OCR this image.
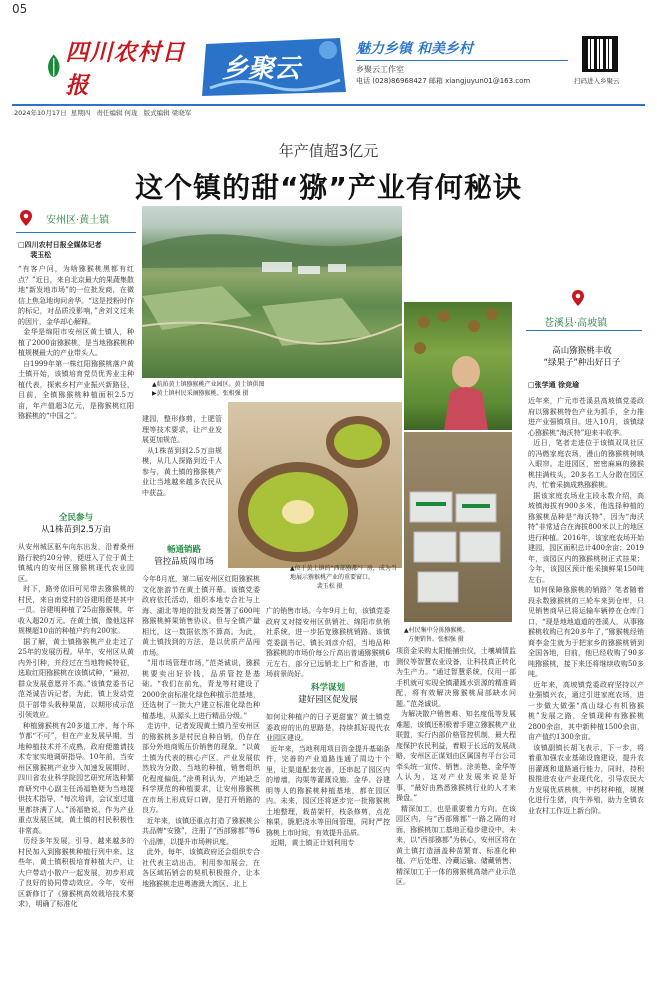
05
四川农村日报
乡聚云
魅力乡镇 和美乡村
乡聚云工作室
电话 (028)86968427 邮箱 xiangjuyun01@163.com	扫码进入乡聚云
2024年10月17日  星期四   责任编辑 何珑   版式编辑 梁晓军
年产值超3亿元
这个镇的甜“猕”产业有何秘诀
安州区·黄土镇
□四川农村日报全媒体记者
裴玉松
“有客户问，为啥猕猴桃黑都有红点？”近日，来自北京最大的果蔬集散地“新发地市场”的一位批发商，在微信上焦急地询问舍华。“这是授粉时作的标记，对品质没影响，”舍刘文过来的因片，金华却心解释。
金华是绵阳市安州区黄土镇人，种植了2000亩猕猴桃，是当地猕猴桃种植规模最大的产业带头人。
自1999年第一株红阳猕猴桃落户黄土镇开始，该镇培育党员优秀业主种植代表，探索乡村产业振兴新路径，目前，全镇猕猴桃种植面积2.5万亩，年产值超3亿元，是猕猴桃红阳猕猴桃的“中国之”。
全民参与
从1株苗到2.5万亩
从安州城区驱车向东出发，沿着桑州路行驶约20分钟，便进入了位于黄土镇城内的安州区猕猴桃现代农业园区。
时下，路旁依旧可见带去猕猴桃的村民，来自南党村的谷建明便是其中一员。谷建明种植了25亩猕猴桃，年收入超20万元。在黄土镇，像他这样规模超10亩的种植户约有200家。
据了解，黄土镇猕猴桃产业走过了25年的发展历程。早年，安州区从黄内外引种，并经过在当地物候特征，选取红阳猕猴桃在该镇试种，“最初，群众发展意愿并不高。”该镇党委书记范尧诚告诉记者，为此，镇上发动党员干部带头栽种果苗，以期形成示范引领效应。
种植猕猴桃有20多道工序，每个环节都“不可”，但在产业发展早期，当地种植技术并不成熟，政府便邀请技术专家实地调研指导。10年前，当安州区猕猴桃产业步入加速发展期时，四川省农业科学院园艺研究所选种繁育研究中心副主任汤福艳便为当地提供技术指导，“每次培训，会议室过道里都挤满了人。”汤福艳说，作为产业重点发展区域，黄土镇的村民积极性非常高。
历经多年发展，引导，越来越多的村民加入到猕猴桃种植行列中来。这些年，黄土镇积极培育种植大户，让大户带动小散户一起发展，初步形成了良好的协同带动效应。今年，安州区新修订了《猕猴桃高效栽培技术要求》，明确了标准化
▲航拍黄土镇猕猴桃产业园区。黄土镇供图
▶黄土镇村民采摘猕猴桃。张相强 摄
苍溪县·高坡镇
高山猕猴桃丰收
“绿果子”种出好日子
□张学通 徐竞瑜
近年来，广元市苍溪县高坡镇党委政府以猕猴桃特色产业为抓手，全力推进产业强镇项目。进入10月，该镇绿心猕猴桃“海沃特”迎来丰收季。
近日，笔者走进位于该镇双凤社区的冯燃家庭农场，漫山的猕猴桃树映入眼帘。走进园区，密密麻麻的猕猴桃挂满枝头，20多名工人分散在园区内，忙着采摘成熟猕猴桃。
据该家庭农场业主段永数介绍，高坡镇海拔有900多米，他选择种植的猕猴桃品种是“海沃特”，因为“海沃特”非常适合在海拔800米以上的地区进行种植。2016年，该家庭农场开始建园，园区面积总计400余亩；2019年，该园区内的猕猴桃树正式挂果；今年，该园区预计能采摘鲜果150吨左右。
如何保障猕猴桃的销路？笔者随着段永数猕猴桃的三轮车来到仓库，只见销售商早已将运输车辆停在仓库门口，“现是地地道道的苍溪人，从事猕猴桃收购已有20多年了，”猕猴桃经销商李金生就为于把家乡的猕猴桃销到全国各地，目前，他已经收购了90多吨猕猴桃，接下来还将继续收购50多吨。
近年来，高坡镇党委政府坚持以产业强镇兴农，通过引进家庭农场，进一步做大做强“高山绿心有机猕猴桃”发展之路，全镇现种有猕猴桃2800余亩，其中新种植1500余亩，亩产值约1300余亩。
该镇副镇长胡飞表示，下一步，将着重加强农业基础设施建设，提升农田灌溉和道路通行能力，同时，持积极推进农业产业现代化，引导农民大力发展优质核桃，中药材种植，规模化进行生猪，肉牛养殖，助力全镇农业农村工作迈上新台阶。
建园，整形修剪，土肥管理等技术要求，让产业发展更加规范。
从1株苗到到2.5万亩规模，从几人探路到近千人参与，黄土镇的猕猴桃产业让当地越来越多农民从中获益。
▲位于黄土镇的“西部猕都”厂房，成为当地展示猕猴桃产业的重要窗口。
裴玉松 摄
▲村民集中分拣猕猴桃。
方便销售。张相强 摄
畅通销路
管控品质闯市场
今年8月底，第二届安州区红阳猕猴桃文化旅游节在黄土镇开幕。该镇党委政府依托活动，组织本地专合社与上海、湖北等地的批发商签署了600吨猕猴桃鲜果销售协议。但与全镇产量相比，这一数据依然不算高。为此，黄土镇找到的方法，是以优质产品闯市场。
“用市场管理市场，”范尧诚说，猕猴桃要卖出好价钱，品质管控是基础。“我们在前允，青龙等村建设了2000余亩标准化绿色种植示范基地，还选树了一批大户建立标准化绿色种植基地，从源头上进行精品分级。”
走访中，记者发现黄土镇乃至安州区的猕猴桃多是村民自种自销，仍存在部分外地商贩压价销售的现象。“以黄土镇为代表的核心产区，产业发展依然较为分散，当地的种植，销售组织化程度偏低。”涂勇利认为，产地缺乏科学规范的种植要求，让安州猕猴桃在市场上形成好口碑，是打开销路的良方。
近年来，该镇还重点打造了猕猴桃公共品牌“安猕”，注册了“西部猕都”等6个品牌，以提升市场辨识度。
此外，每年，该镇政府还会组织专合社代表主动出击，利用参加展会，在各区域拓销会的契机积极推介，让本地猕猴桃走进粤港澳大湾区、北上
广的销售市场。今年9月上旬，该镇党委政府又对接安州区供销社、绵阳市供销社系统，进一步拓宽猕猴桃销路。该镇党委副书记、镇长刘彦介绍，当地品种猕猴桃的市场价每公斤高出普通猕猴桃6元左右，部分已远销北上广和香港，市场前景尚好。
科学谋划
建好园区促发展
如何让种植户的日子更甜蜜？黄土镇党委政府的出的思路是，持续抓好现代农业园区建设。
近年来，当地利用项目资金提升基础条件，完善的产业道路连通了周边十个里，让渠道配套完善，还串起了园区内的增墙，沟渠等灌溉设施。金华、谷建明等人的猕猴桃种植基地，都在园区内。未来，园区还将逐步完一批猕猴桃土地整理，栽苗架杆，枝条修剪，点花棉果，脆肥浇水等田间管理，同时严控猕桃上市时间，有效提升品质。
近期，黄土镇正计划利用专
项资金采购太阳能捕虫仪，土壤墒情监测仪等智慧农业设备，让科技真正转化为生产力。“通过智慧系统，仅用一部手机就可实现全镇灌溉水资源的精准调配，将有效解决猕猴桃局部缺水问题。”范尧诚说。
为解决散户销售难、知名度低等发展难题，该镇还积极着手建立猕猴桃产业联盟，实行内部价格管控机制，最大程度保护农民利益，着眼于长远的发展战略，安州区正谋划由区属国有平台公司牵头统一宣传、销售。涂美艳、金华等人认为，这对产业发展来说是好事，“最好由熟悉猕猴桃行业的人才来操盘。”
精深加工，也是重要着力方向。在该园区内，与“西部猕都”一路之隔的对面，猕猴桃加工基地正稳步建设中。未来，以“西部猕都”为核心，安州区将在黄土镇打造涵盖种苗繁育、标准化种植、产后处理、冷藏运输、储藏销售、精深加工于一体的猕猴桃高端产业示范区。
